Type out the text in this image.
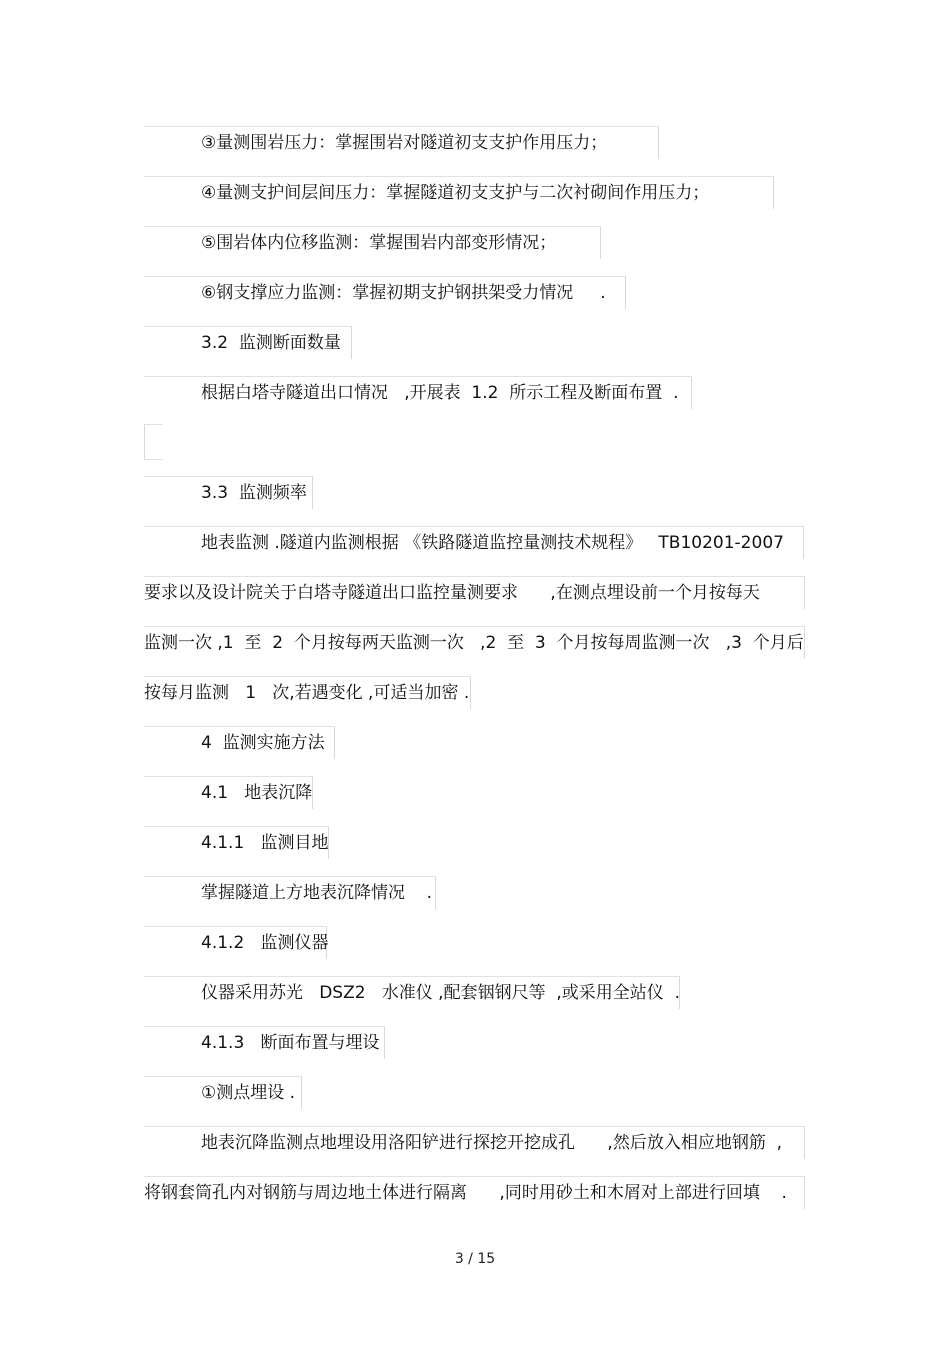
③量测围岩压力：掌握围岩对隧道初支支护作用压力；
④量测支护间层间压力：掌握隧道初支支护与二次衬砌间作用压力；
⑤围岩体内位移监测：掌握围岩内部变形情况；
⑥钢支撑应力监测：掌握初期支护钢拱架受力情况     .
3.2  监测断面数量
根据白塔寺隧道出口情况   ,开展表  1.2  所示工程及断面布置  .
3.3  监测频率
地表监测 .隧道内监测根据 《铁路隧道监控量测技术规程》   TB10201-2007
要求以及设计院关于白塔寺隧道出口监控量测要求      ,在测点埋设前一个月按每天
监测一次 ,1  至  2  个月按每两天监测一次   ,2  至  3  个月按每周监测一次   ,3  个月后
按每月监测   1   次,若遇变化 ,可适当加密 .
4  监测实施方法
4.1   地表沉降
4.1.1   监测目地
掌握隧道上方地表沉降情况    .
4.1.2   监测仪器
仪器采用苏光   DSZ2   水准仪 ,配套铟钢尺等  ,或采用全站仪  .
4.1.3   断面布置与埋设
①测点埋设 .
地表沉降监测点地埋设用洛阳铲进行探挖开挖成孔      ,然后放入相应地钢筋  ,
将钢套筒孔内对钢筋与周边地土体进行隔离      ,同时用砂土和木屑对上部进行回填    .
3 / 15
